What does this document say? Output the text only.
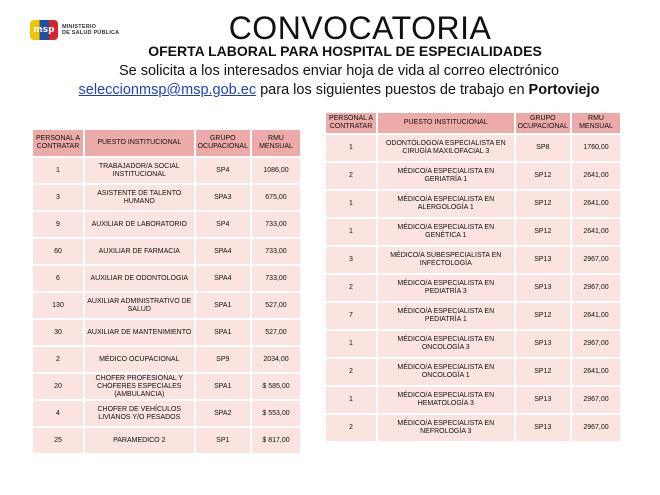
msp MINISTERIO
DE SALUD PÚBLICA	CONVOCATORIA
OFERTA LABORAL PARA HOSPITAL DE ESPECIALIDADES
Se solicita a los interesados enviar hoja de vida al correo electrónico
seleccionmsp@msp.gob.ec para los siguientes puestos de trabajo en Portoviejo
PERSONAL A CONTRATAR	PUESTO INSTITUCIONAL	GRUPO OCUPACIONAL	RMU MENSUAL
1	TRABAJADOR/A SOCIAL INSTITUCIONAL	SP4	1086,00
3	ASISTENTE DE TALENTO HUMANO	SPA3	675,00
9	AUXILIAR DE LABORATORIO	SP4	733,00
60	AUXILIAR DE FARMACIA	SPA4	733,00
6	AUXILIAR DE ODONTOLOGIA	SPA4	733,00
130	AUXILIAR ADMINISTRATIVO DE SALUD	SPA1	527,00
30	AUXILIAR DE MANTENIMIENTO	SPA1	527,00
2	MÉDICO OCUPACIONAL	SP9	2034,00
20	CHOFER PROFESIONAL Y CHOFERES ESPECIALES (AMBULANCIA)	SPA1	$ 585,00
4	CHOFER DE VEHÍCULOS LIVIANOS Y/O PESADOS	SPA2	$ 553,00
25	PARAMEDICO 2	SP1	$ 817,00
PERSONAL A CONTRATAR	PUESTO INSTITUCIONAL	GRUPO OCUPACIONAL	RMU MENSUAL
1	ODONTÓLOGO/A ESPECIALISTA EN CIRUGÍA MAXILOFACIAL 3	SP8	1760,00
2	MÉDICO/A ESPECIALISTA EN GERIATRÍA 1	SP12	2641,00
1	MÉDICO/A ESPECIALISTA EN ALERGOLOGÍA 1	SP12	2641,00
1	MÉDICO/A ESPECIALISTA EN GENÉTICA 1	SP12	2641,00
3	MÉDICO/A SUBESPECIALISTA EN INFECTOLOGÍA	SP13	2967,00
2	MÉDICO/A ESPECIALISTA EN PEDIATRÍA 3	SP13	2967,00
7	MÉDICO/A ESPECIALISTA EN PEDIATRÍA 1	SP12	2641,00
1	MÉDICO/A ESPECIALISTA EN ONCOLOGÍA 3	SP13	2967,00
2	MÉDICO/A ESPECIALISTA EN ONCOLOGÍA 1	SP12	2641,00
1	MÉDICO/A ESPECIALISTA EN HEMATOLOGÍA 3	SP13	2967,00
2	MÉDICO/A ESPECIALISTA EN NEFROLOGÍA 3	SP13	2967,00
